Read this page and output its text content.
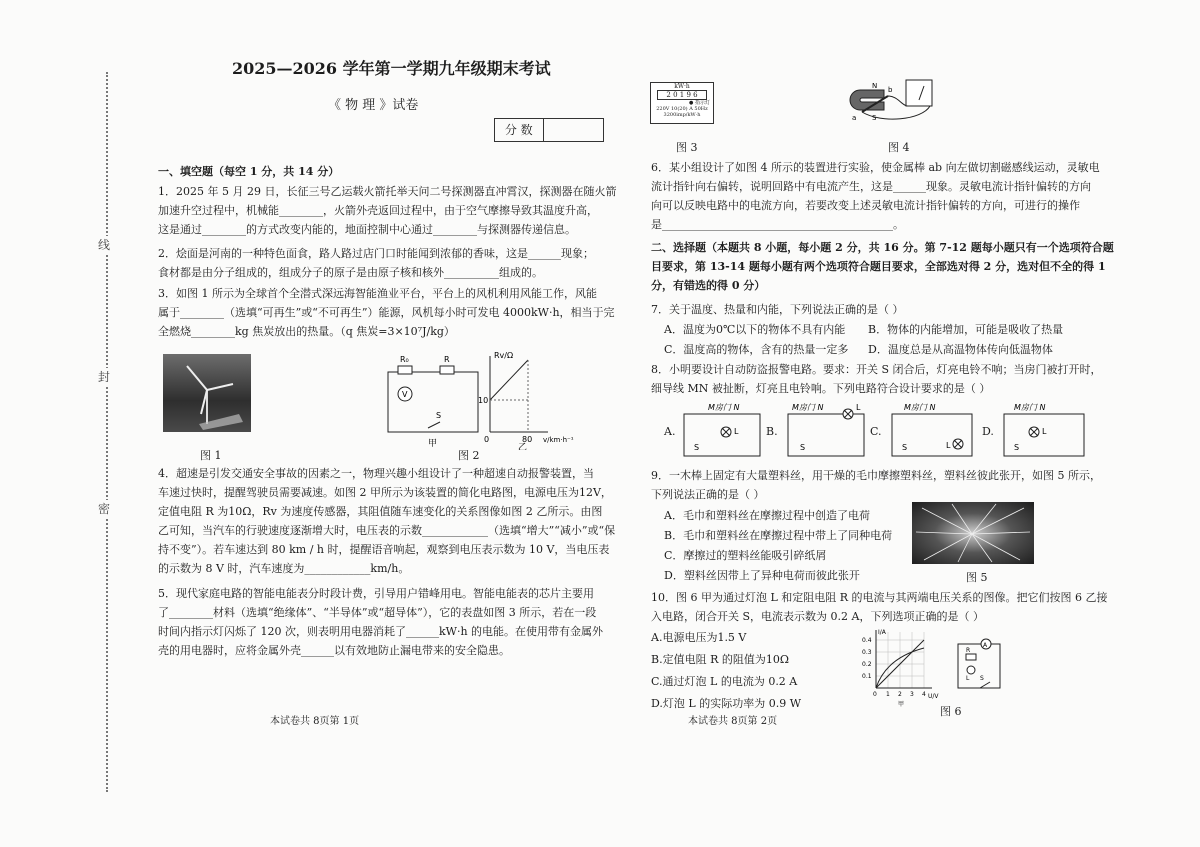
线
封
密
2025—2026 学年第一学期九年级期末考试
《 物 理 》试卷
分 数
一、填空题（每空 1 分，共 14 分）
1．2025 年 5 月 29 日，长征三号乙运载火箭托举天问二号探测器直冲霄汉，探测器在随火箭
加速升空过程中，机械能________，火箭外壳返回过程中，由于空气摩擦导致其温度升高，
这是通过________的方式改变内能的，地面控制中心通过________与探测器传递信息。
2．烩面是河南的一种特色面食，路人路过店门口时能闻到浓郁的香味，这是______现象；
食材都是由分子组成的，组成分子的原子是由原子核和核外__________组成的。
3．如图 1 所示为全球首个全潜式深远海智能渔业平台，平台上的风机利用风能工作，风能
属于________（选填“可再生”或“不可再生”）能源，风机每小时可发电 4000kW·h，相当于完
全燃烧________kg 焦炭放出的热量。（q 焦炭=3×10⁷J/kg）
图 1
R₀	R
V
S
甲
Rv/Ω
10
0	80 v/km·h⁻¹
乙
图 2
4．超速是引发交通安全事故的因素之一，物理兴趣小组设计了一种超速自动报警装置，当
车速过快时，提醒驾驶员需要减速。如图 2 甲所示为该装置的简化电路图，电源电压为12V，
定值电阻 R 为10Ω，Rv 为速度传感器，其阻值随车速变化的关系图像如图 2 乙所示。由图
乙可知，当汽车的行驶速度逐渐增大时，电压表的示数____________（选填“增大”“减小”或“保
持不变”）。若车速达到 80 km / h 时，提醒语音响起，观察到电压表示数为 10 V，当电压表
的示数为 8 V 时，汽车速度为____________km/h。
5．现代家庭电路的智能电能表分时段计费，引导用户错峰用电。智能电能表的芯片主要用
了________材料（选填“绝缘体”、“半导体”或“超导体”），它的表盘如图 3 所示，若在一段
时间内指示灯闪烁了 120 次，则表明用电器消耗了______kW·h 的电能。在使用带有金属外
壳的用电器时，应将金属外壳______以有效地防止漏电带来的安全隐患。
本试卷共 8页第 1页
kW·h
2 0 1 9 6
● 指示灯
220V 10(20) A 50Hz
3200imp/kW·h
图 3
N
S
a
b
图 4
6．某小组设计了如图 4 所示的装置进行实验，使金属棒 ab 向左做切割磁感线运动，灵敏电
流计指针向右偏转，说明回路中有电流产生，这是______现象。灵敏电流计指针偏转的方向
向可以反映电路中的电流方向，若要改变上述灵敏电流计指针偏转的方向，可进行的操作
是__________________________________________。
二、选择题（本题共 8 小题，每小题 2 分，共 16 分。第 7-12 题每小题只有一个选项符合题
目要求，第 13-14 题每小题有两个选项符合题目要求，全部选对得 2 分，选对但不全的得 1
分，有错选的得 0 分）
7．关于温度、热量和内能，下列说法正确的是（ ）
A．温度为0℃以下的物体不具有内能 B．物体的内能增加，可能是吸收了热量
C．温度高的物体，含有的热量一定多 D．温度总是从高温物体传向低温物体
8．小明要设计自动防盗报警电路。要求：开关 S 闭合后，灯亮电铃不响；当房门被打开时，
细导线 MN 被扯断，灯亮且电铃响。下列电路符合设计要求的是（ ）
A.	B.	C.	D.
M房门 N
L
S
M房门 N	L
S
M房门 N
L
S
M房门 N
L
S
9．一木棒上固定有大量塑料丝，用干燥的毛巾摩擦塑料丝，塑料丝彼此张开，如图 5 所示，
下列说法正确的是（ ）
A．毛巾和塑料丝在摩擦过程中创造了电荷
B．毛巾和塑料丝在摩擦过程中带上了同种电荷
C．摩擦过的塑料丝能吸引碎纸屑
D．塑料丝因带上了异种电荷而彼此张开	图 5
10．图 6 甲为通过灯泡 L 和定阻电阻 R 的电流与其两端电压关系的图像。把它们按图 6 乙接
入电路，闭合开关 S，电流表示数为 0.2 A，下列选项正确的是（ ）
A.电源电压为1.5 V
B.定值电阻 R 的阻值为10Ω
C.通过灯泡 L 的电流为 0.2 A
D.灯泡 L 的实际功率为 0.9 W
I/A
U/V
0.4
0.3
0.2
0.1
0 1 2 3 4
甲
A
R
L S
图 6
本试卷共 8页第 2页
